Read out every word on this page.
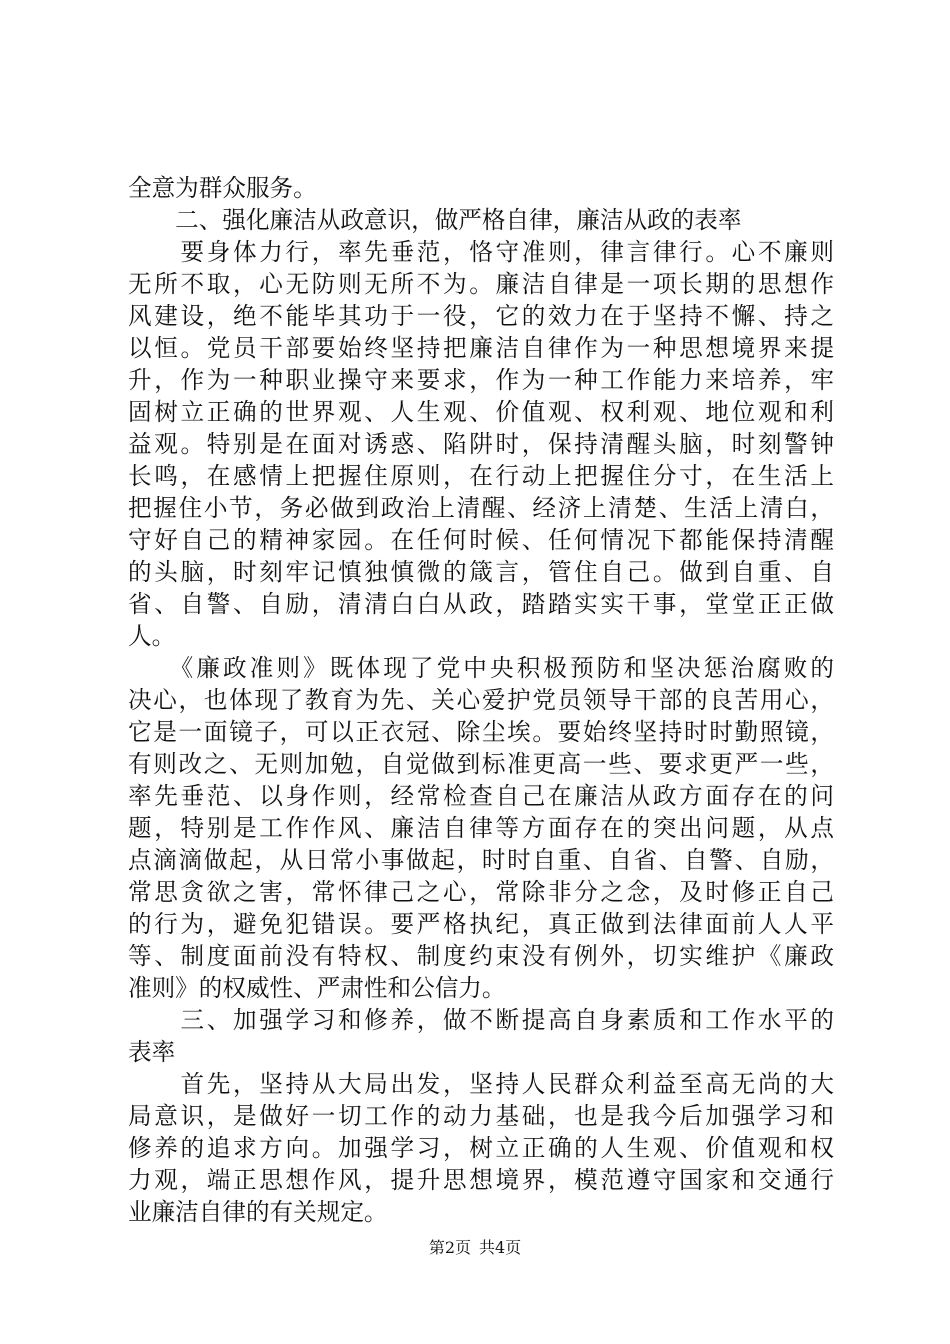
全意为群众服务。
　　二、强化廉洁从政意识，做严格自律，廉洁从政的表率
　　要身体力行，率先垂范，恪守准则，律言律行。心不廉则
无所不取，心无防则无所不为。廉洁自律是一项长期的思想作
风建设，绝不能毕其功于一役，它的效力在于坚持不懈、持之
以恒。党员干部要始终坚持把廉洁自律作为一种思想境界来提
升，作为一种职业操守来要求，作为一种工作能力来培养，牢
固树立正确的世界观、人生观、价值观、权利观、地位观和利
益观。特别是在面对诱惑、陷阱时，保持清醒头脑，时刻警钟
长鸣，在感情上把握住原则，在行动上把握住分寸，在生活上
把握住小节，务必做到政治上清醒、经济上清楚、生活上清白，
守好自己的精神家园。在任何时候、任何情况下都能保持清醒
的头脑，时刻牢记慎独慎微的箴言，管住自己。做到自重、自
省、自警、自励，清清白白从政，踏踏实实干事，堂堂正正做
人。
　　《廉政准则》既体现了党中央积极预防和坚决惩治腐败的
决心，也体现了教育为先、关心爱护党员领导干部的良苦用心，
它是一面镜子，可以正衣冠、除尘埃。要始终坚持时时勤照镜，
有则改之、无则加勉，自觉做到标准更高一些、要求更严一些，
率先垂范、以身作则，经常检查自己在廉洁从政方面存在的问
题，特别是工作作风、廉洁自律等方面存在的突出问题，从点
点滴滴做起，从日常小事做起，时时自重、自省、自警、自励，
常思贪欲之害，常怀律己之心，常除非分之念，及时修正自己
的行为，避免犯错误。要严格执纪，真正做到法律面前人人平
等、制度面前没有特权、制度约束没有例外，切实维护《廉政
准则》的权威性、严肃性和公信力。
　　三、加强学习和修养，做不断提高自身素质和工作水平的
表率
　　首先，坚持从大局出发，坚持人民群众利益至高无尚的大
局意识，是做好一切工作的动力基础，也是我今后加强学习和
修养的追求方向。加强学习，树立正确的人生观、价值观和权
力观，端正思想作风，提升思想境界，模范遵守国家和交通行
业廉洁自律的有关规定。
第2页 共4页
